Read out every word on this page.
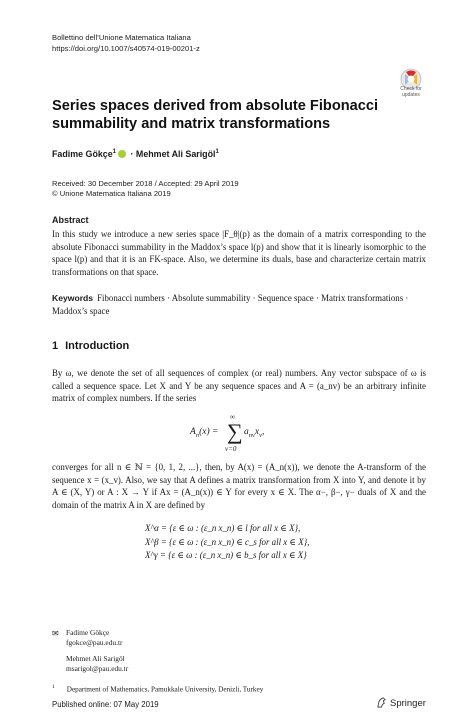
Bollettino dell’Unione Matematica Italiana
https://doi.org/10.1007/s40574-019-00201-z
Check for
updates
Series spaces derived from absolute Fibonacci summability and matrix transformations
Fadime Gökçe$^1$ · Mehmet Ali Sarigöl$^1$
Received: 30 December 2018 / Accepted: 29 April 2019
© Unione Matematica Italiana 2019
Abstract
In this study we introduce a new series space |F_θ|(p) as the domain of a matrix corresponding to the absolute Fibonacci summability in the Maddox’s space l(p) and show that it is linearly isomorphic to the space l(p) and that it is an FK-space. Also, we determine its duals, base and characterize certain matrix transformations on that space.
Keywords Fibonacci numbers · Absolute summability · Sequence space · Matrix transformations · Maddox’s space
1 Introduction
By ω, we denote the set of all sequences of complex (or real) numbers. Any vector subspace of ω is called a sequence space. Let X and Y be any sequence spaces and A = (a_nv) be an arbitrary infinite matrix of complex numbers. If the series
$A_n(x)$ =
∞
∑
v=0
$a_{nv}x_v$,
converges for all n ∈ ℕ = {0, 1, 2, ...}, then, by A(x) = (A_n(x)), we denote the A-transform of the sequence x = (x_v). Also, we say that A defines a matrix transformation from X into Y, and denote it by A ∈ (X, Y) or A : X → Y if Ax = (A_n(x)) ∈ Y for every x ∈ X. The α−, β−, γ− duals of X and the domain of the matrix A in X are defined by
X^α = {ε ∈ ω : (ε_n x_n) ∈ l for all x ∈ X},
X^β = {ε ∈ ω : (ε_n x_n) ∈ c_s for all x ∈ X},
X^γ = {ε ∈ ω : (ε_n x_n) ∈ b_s for all x ∈ X}
✉ Fadime Gökçe
fgokce@pau.edu.tr
Mehmet Ali Sarigöl
msarigol@pau.edu.tr
$^1$ Department of Mathematics, Pamukkale University, Denizli, Turkey
Published online: 07 May 2019	Springer
